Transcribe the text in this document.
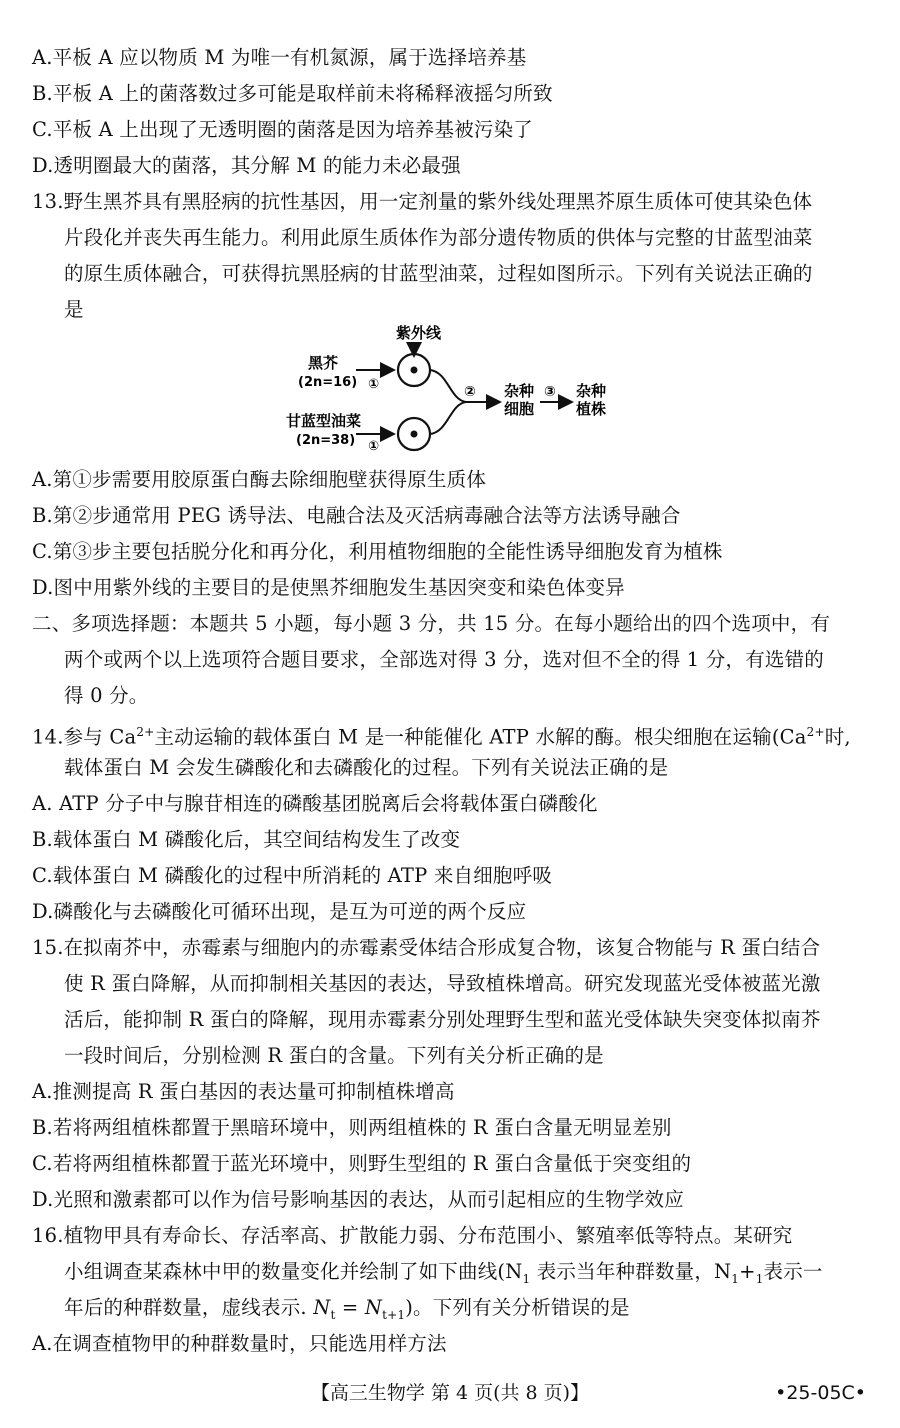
A.平板 A 应以物质 M 为唯一有机氮源，属于选择培养基
B.平板 A 上的菌落数过多可能是取样前未将稀释液摇匀所致
C.平板 A 上出现了无透明圈的菌落是因为培养基被污染了
D.透明圈最大的菌落，其分解 M 的能力未必最强
13.野生黑芥具有黑胫病的抗性基因，用一定剂量的紫外线处理黑芥原生质体可使其染色体
片段化并丧失再生能力。利用此原生质体作为部分遗传物质的供体与完整的甘蓝型油菜
的原生质体融合，可获得抗黑胫病的甘蓝型油菜，过程如图所示。下列有关说法正确的
是
紫外线
黑芥
(2n=16) ①
甘蓝型油菜
(2n=38) ①
② 杂种
细胞
③ 杂种
植株
A.第①步需要用胶原蛋白酶去除细胞壁获得原生质体
B.第②步通常用 PEG 诱导法、电融合法及灭活病毒融合法等方法诱导融合
C.第③步主要包括脱分化和再分化，利用植物细胞的全能性诱导细胞发育为植株
D.图中用紫外线的主要目的是使黑芥细胞发生基因突变和染色体变异
二、多项选择题：本题共 5 小题，每小题 3 分，共 15 分。在每小题给出的四个选项中，有
两个或两个以上选项符合题目要求，全部选对得 3 分，选对但不全的得 1 分，有选错的
得 0 分。
14.参与 $Ca^{2+}$主动运输的载体蛋白 M 是一种能催化 ATP 水解的酶。根尖细胞在运输($Ca^{2+}$时,
载体蛋白 M 会发生磷酸化和去磷酸化的过程。下列有关说法正确的是
A. ATP 分子中与腺苷相连的磷酸基团脱离后会将载体蛋白磷酸化
B.载体蛋白 M 磷酸化后，其空间结构发生了改变
C.载体蛋白 M 磷酸化的过程中所消耗的 ATP 来自细胞呼吸
D.磷酸化与去磷酸化可循环出现，是互为可逆的两个反应
15.在拟南芥中，赤霉素与细胞内的赤霉素受体结合形成复合物，该复合物能与 R 蛋白结合
使 R 蛋白降解，从而抑制相关基因的表达，导致植株增高。研究发现蓝光受体被蓝光激
活后，能抑制 R 蛋白的降解，现用赤霉素分别处理野生型和蓝光受体缺失突变体拟南芥
一段时间后，分别检测 R 蛋白的含量。下列有关分析正确的是
A.推测提高 R 蛋白基因的表达量可抑制植株增高
B.若将两组植株都置于黑暗环境中，则两组植株的 R 蛋白含量无明显差别
C.若将两组植株都置于蓝光环境中，则野生型组的 R 蛋白含量低于突变组的
D.光照和激素都可以作为信号影响基因的表达，从而引起相应的生物学效应
16.植物甲具有寿命长、存活率高、扩散能力弱、分布范围小、繁殖率低等特点。某研究
小组调查某森林中甲的数量变化并绘制了如下曲线($N_1$ 表示当年种群数量，$N_1+_1$表示一
年后的种群数量，虚线表示. $N_t = N_{t+1}$)。下列有关分析错误的是
A.在调查植物甲的种群数量时，只能选用样方法
【高三生物学 第 4 页(共 8 页)】	•25-05C•
